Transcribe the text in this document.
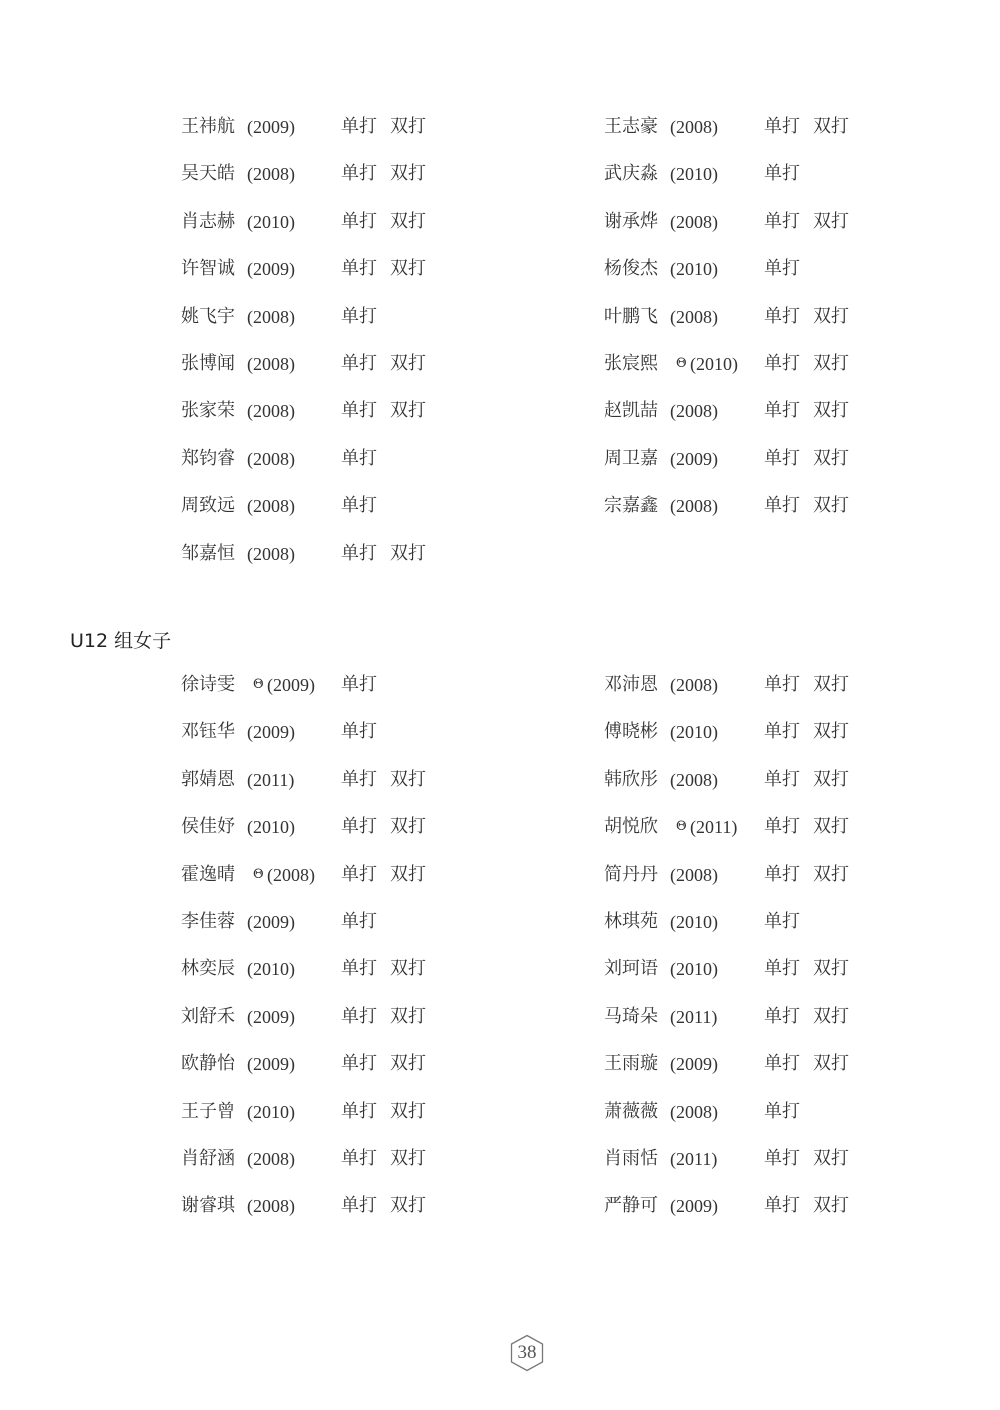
王祎航 (2009)	单打 双打
吴天皓 (2008)	单打 双打
肖志赫 (2010)	单打 双打
许智诚 (2009)	单打 双打
姚飞宇 (2008)	单打
张博闻 (2008)	单打 双打
张家荣 (2008)	单打 双打
郑钧睿 (2008)	单打
周致远 (2008)	单打
邹嘉恒 (2008)	单打 双打
王志豪 (2008)	单打 双打
武庆淼 (2010)	单打
谢承烨 (2008)	单打 双打
杨俊杰 (2010)	单打
叶鹏飞 (2008)	单打 双打
张宸熙 Θ (2010) 单打 双打
赵凯喆 (2008)	单打 双打
周卫嘉 (2009)	单打 双打
宗嘉鑫 (2008)	单打 双打
U12 组女子
徐诗雯 Θ (2009) 单打
邓钰华 (2009)	单打
郭婧恩 (2011)	单打 双打
侯佳妤 (2010)	单打 双打
霍逸晴 Θ (2008) 单打 双打
李佳蓉 (2009)	单打
林奕辰 (2010)	单打 双打
刘舒禾 (2009)	单打 双打
欧静怡 (2009)	单打 双打
王子曾 (2010)	单打 双打
肖舒涵 (2008)	单打 双打
谢睿琪 (2008)	单打 双打
邓沛恩 (2008)	单打 双打
傅晓彬 (2010)	单打 双打
韩欣彤 (2008)	单打 双打
胡悦欣 Θ (2011) 单打 双打
简丹丹 (2008)	单打 双打
林琪苑 (2010)	单打
刘珂语 (2010)	单打 双打
马琦朵 (2011)	单打 双打
王雨璇 (2009)	单打 双打
萧薇薇 (2008)	单打
肖雨恬 (2011)	单打 双打
严静可 (2009)	单打 双打
38
